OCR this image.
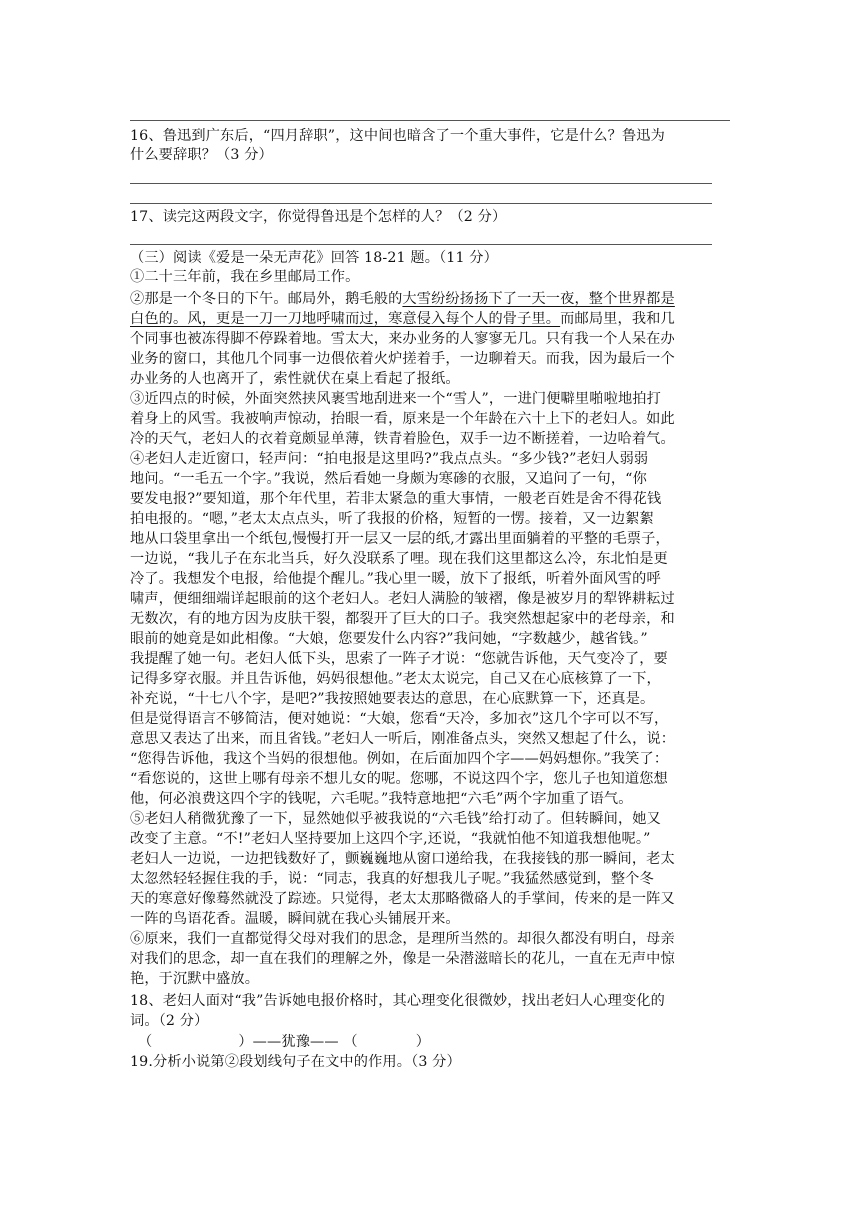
16、鲁迅到广东后，“四月辞职”，这中间也暗含了一个重大事件，它是什么？鲁迅为
什么要辞职？（3 分）
17、读完这两段文字，你觉得鲁迅是个怎样的人？（2 分）
（三）阅读《爱是一朵无声花》回答 18-21 题。（11 分）
①二十三年前，我在乡里邮局工作。
②那是一个冬日的下午。邮局外，鹅毛般的大雪纷纷扬扬下了一天一夜，整个世界都是
白色的。风，更是一刀一刀地呼啸而过，寒意侵入每个人的骨子里。而邮局里，我和几
个同事也被冻得脚不停跺着地。雪太大，来办业务的人寥寥无几。只有我一个人呆在办
业务的窗口，其他几个同事一边偎依着火炉搓着手，一边聊着天。而我，因为最后一个
办业务的人也离开了，索性就伏在桌上看起了报纸。
③近四点的时候，外面突然挟风裹雪地刮进来一个“雪人”，一进门便噼里啪啦地拍打
着身上的风雪。我被响声惊动，抬眼一看，原来是一个年龄在六十上下的老妇人。如此
冷的天气，老妇人的衣着竟颇显单薄，铁青着脸色，双手一边不断搓着，一边哈着气。
④老妇人走近窗口，轻声问：“拍电报是这里吗?”我点点头。“多少钱?”老妇人弱弱
地问。“一毛五一个字。”我说，然后看她一身颇为寒碜的衣服，又追问了一句，“你
要发电报?”要知道，那个年代里，若非太紧急的重大事情，一般老百姓是舍不得花钱
拍电报的。“嗯，”老太太点点头，听了我报的价格，短暂的一愣。接着，又一边絮絮
地从口袋里拿出一个纸包,慢慢打开一层又一层的纸,才露出里面躺着的平整的毛票子，
一边说，“我儿子在东北当兵，好久没联系了哩。现在我们这里都这么冷，东北怕是更
冷了。我想发个电报，给他提个醒儿。”我心里一暖，放下了报纸，听着外面风雪的呼
啸声，便细细端详起眼前的这个老妇人。老妇人满脸的皱褶，像是被岁月的犁铧耕耘过
无数次，有的地方因为皮肤干裂，都裂开了巨大的口子。我突然想起家中的老母亲，和
眼前的她竟是如此相像。“大娘，您要发什么内容?”我问她，“字数越少，越省钱。”
我提醒了她一句。老妇人低下头，思索了一阵子才说：“您就告诉他，天气变冷了，要
记得多穿衣服。并且告诉他，妈妈很想他。”老太太说完，自己又在心底核算了一下，
补充说，“十七八个字，是吧?”我按照她要表达的意思，在心底默算一下，还真是。
但是觉得语言不够简洁，便对她说：“大娘，您看“天冷，多加衣”这几个字可以不写，
意思又表达了出来，而且省钱。”老妇人一听后，刚准备点头，突然又想起了什么，说：
“您得告诉他，我这个当妈的很想他。例如，在后面加四个字——妈妈想你。”我笑了：
“看您说的，这世上哪有母亲不想儿女的呢。您哪，不说这四个字，您儿子也知道您想
他，何必浪费这四个字的钱呢，六毛呢。”我特意地把“六毛”两个字加重了语气。
⑤老妇人稍微犹豫了一下，显然她似乎被我说的“六毛钱”给打动了。但转瞬间，她又
改变了主意。“不!”老妇人坚持要加上这四个字,还说，“我就怕他不知道我想他呢。”
老妇人一边说，一边把钱数好了，颤巍巍地从窗口递给我，在我接钱的那一瞬间，老太
太忽然轻轻握住我的手，说：“同志，我真的好想我儿子呢。”我猛然感觉到，整个冬
天的寒意好像蓦然就没了踪迹。只觉得，老太太那略微硌人的手掌间，传来的是一阵又
一阵的鸟语花香。温暖，瞬间就在我心头铺展开来。
⑥原来，我们一直都觉得父母对我们的思念，是理所当然的。却很久都没有明白，母亲
对我们的思念，却一直在我们的理解之外，像是一朵潜滋暗长的花儿，一直在无声中惊
艳，于沉默中盛放。
18、老妇人面对“我”告诉她电报价格时，其心理变化很微妙，找出老妇人心理变化的
词。（2 分）
（	）——犹豫—— （	）
19.分析小说第②段划线句子在文中的作用。（3 分）
